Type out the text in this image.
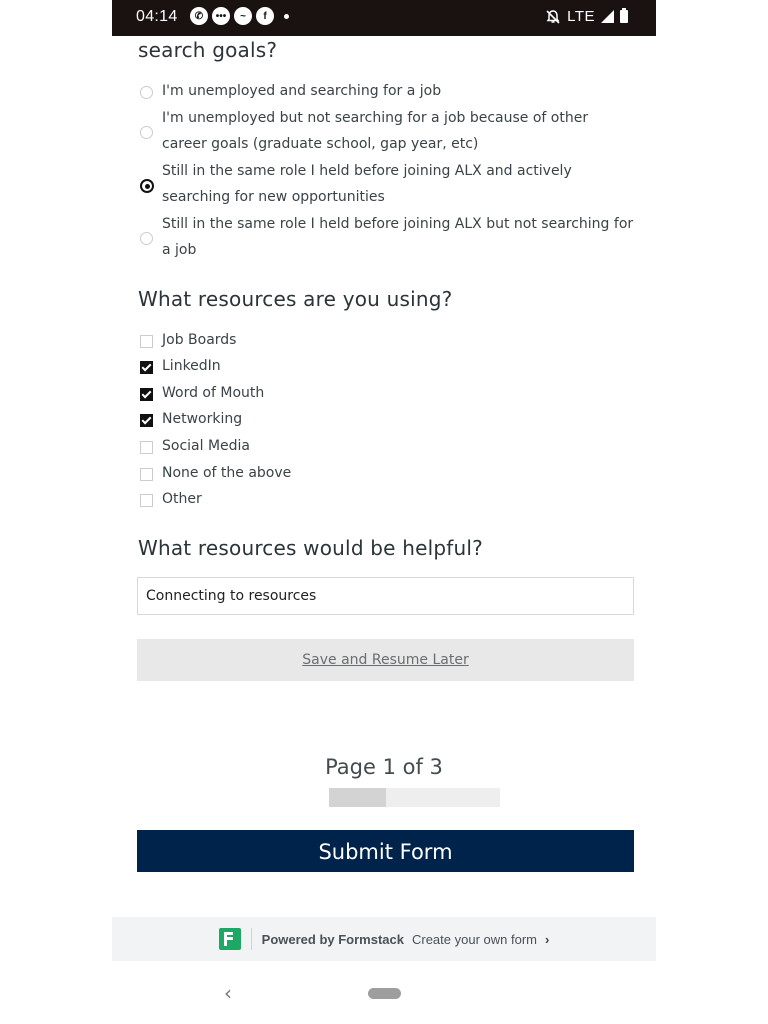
04:14	✆	•••	~	f	LTE
search goals?
I'm unemployed and searching for a job
I'm unemployed but not searching for a job because of other
career goals (graduate school, gap year, etc)
Still in the same role I held before joining ALX and actively
searching for new opportunities
Still in the same role I held before joining ALX but not searching for
a job
What resources are you using?
Job Boards
LinkedIn
Word of Mouth
Networking
Social Media
None of the above
Other
What resources would be helpful?
Connecting to resources
Save and Resume Later
Page 1 of 3
Submit Form
Powered by Formstack Create your own form ›
‹
